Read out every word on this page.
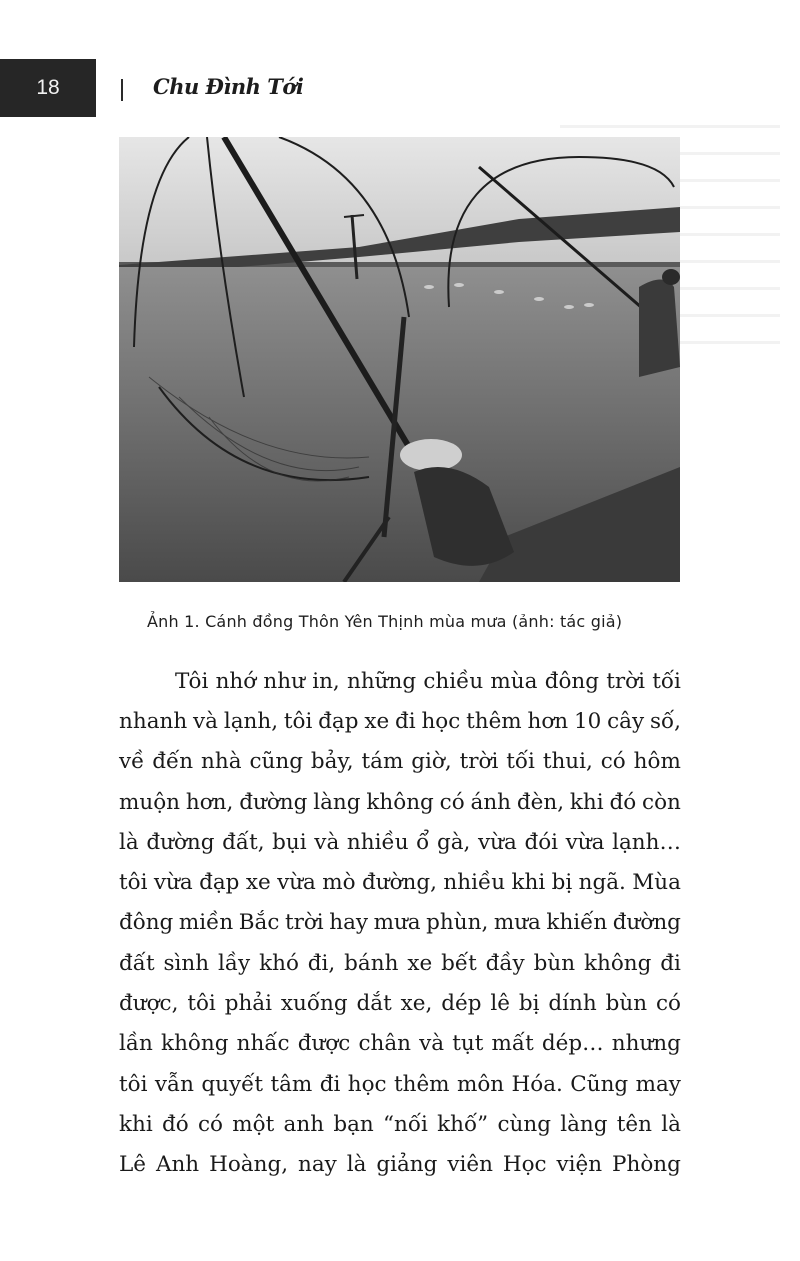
18	Chu Đình Tới
Ảnh 1. Cánh đồng Thôn Yên Thịnh mùa mưa (ảnh: tác giả)
Tôi nhớ như in, những chiều mùa đông trời tối
nhanh và lạnh, tôi đạp xe đi học thêm hơn 10 cây số,
về đến nhà cũng bảy, tám giờ, trời tối thui, có hôm
muộn hơn, đường làng không có ánh đèn, khi đó còn
là đường đất, bụi và nhiều ổ gà, vừa đói vừa lạnh…
tôi vừa đạp xe vừa mò đường, nhiều khi bị ngã. Mùa
đông miền Bắc trời hay mưa phùn, mưa khiến đường
đất sình lầy khó đi, bánh xe bết đầy bùn không đi
được, tôi phải xuống dắt xe, dép lê bị dính bùn có
lần không nhấc được chân và tụt mất dép… nhưng
tôi vẫn quyết tâm đi học thêm môn Hóa. Cũng may
khi đó có một anh bạn “nối khố” cùng làng tên là
Lê Anh Hoàng, nay là giảng viên Học viện Phòng
